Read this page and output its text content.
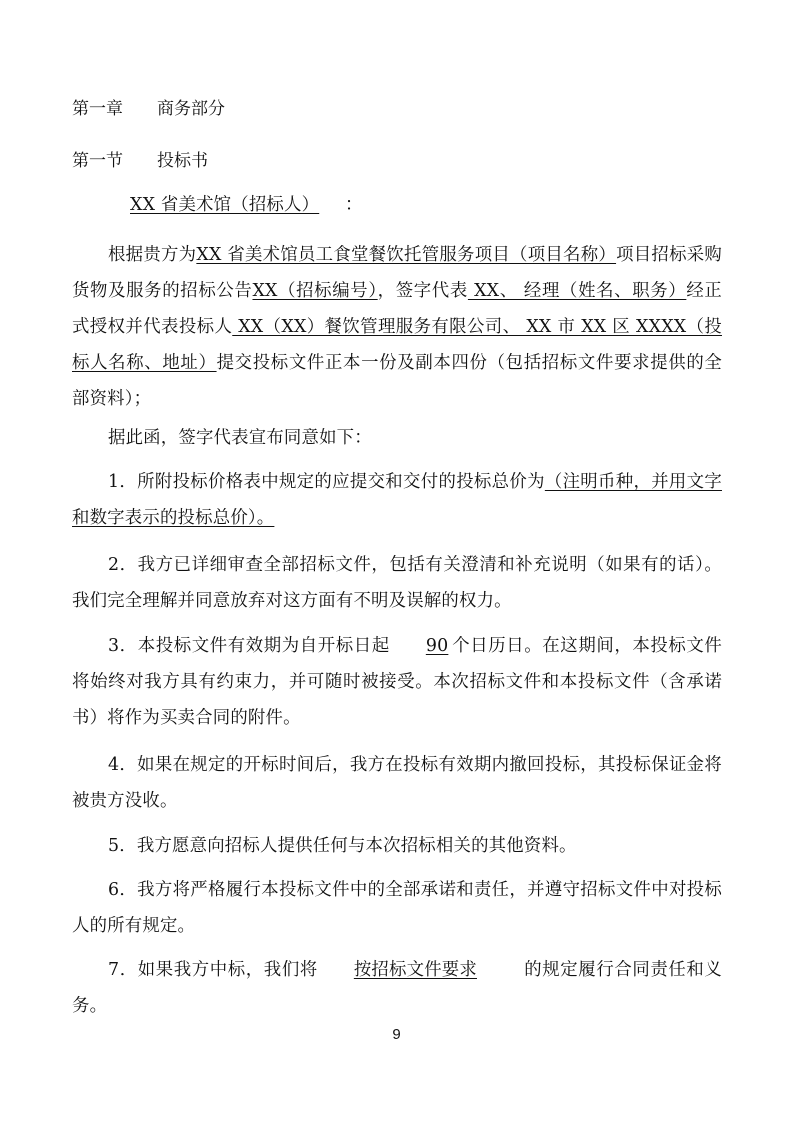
第一章 商务部分
第一节 投标书
XX 省美术馆（招标人） ：
根据贵方为XX 省美术馆员工食堂餐饮托管服务项目（项目名称）项目招标采购货物及服务的招标公告XX（招标编号），签字代表 XX、 经理（姓名、职务）经正式授权并代表投标人 XX（XX）餐饮管理服务有限公司、 XX 市 XX 区 XXXX（投标人名称、地址）提交投标文件正本一份及副本四份（包括招标文件要求提供的全部资料）；
据此函，签字代表宣布同意如下：
1．所附投标价格表中规定的应提交和交付的投标总价为（注明币种，并用文字和数字表示的投标总价）。
2．我方已详细审查全部招标文件，包括有关澄清和补充说明（如果有的话）。我们完全理解并同意放弃对这方面有不明及误解的权力。
3．本投标文件有效期为自开标日起 90 个日历日。在这期间，本投标文件将始终对我方具有约束力，并可随时被接受。本次招标文件和本投标文件（含承诺书）将作为买卖合同的附件。
4．如果在规定的开标时间后，我方在投标有效期内撤回投标，其投标保证金将被贵方没收。
5．我方愿意向招标人提供任何与本次招标相关的其他资料。
6．我方将严格履行本投标文件中的全部承诺和责任，并遵守招标文件中对投标人的所有规定。
7．如果我方中标，我们将 按招标文件要求	的规定履行合同责任和义务。
9
